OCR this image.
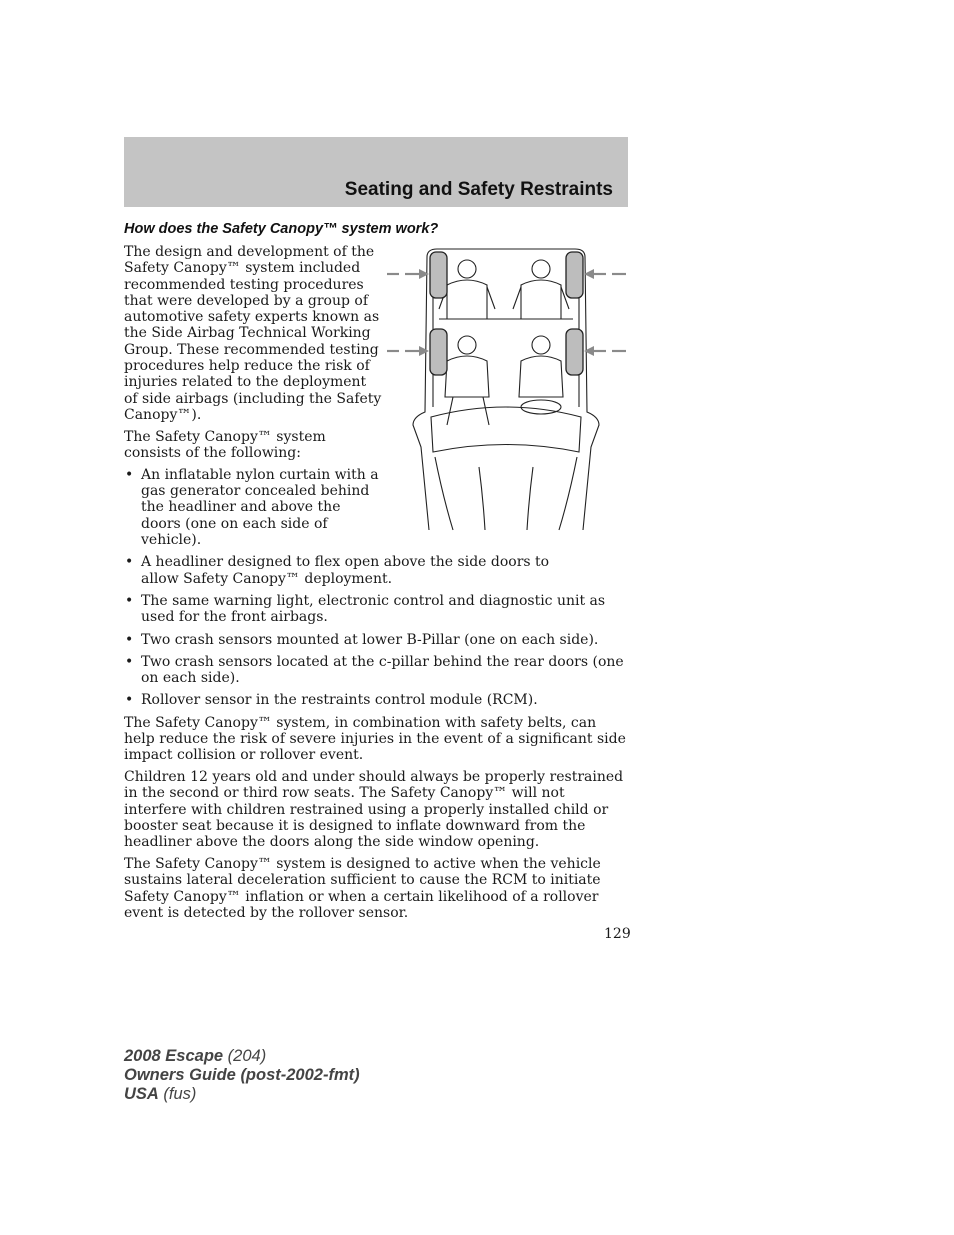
Seating and Safety Restraints
How does the Safety Canopy™ system work?

The design and development of the Safety Canopy™ system included recommended testing procedures that were developed by a group of automotive safety experts known as the Side Airbag Technical Working Group. These recommended testing procedures help reduce the risk of injuries related to the deployment of side airbags (including the Safety Canopy™).

The Safety Canopy™ system consists of the following:

• An inflatable nylon curtain with a gas generator concealed behind the headliner and above the doors (one on each side of vehicle).
• A headliner designed to flex open above the side doors to allow Safety Canopy™ deployment.
• The same warning light, electronic control and diagnostic unit as used for the front airbags.
• Two crash sensors mounted at lower B-Pillar (one on each side).
• Two crash sensors located at the c-pillar behind the rear doors (one on each side).
• Rollover sensor in the restraints control module (RCM).

The Safety Canopy™ system, in combination with safety belts, can help reduce the risk of severe injuries in the event of a significant side impact collision or rollover event.

Children 12 years old and under should always be properly restrained in the second or third row seats. The Safety Canopy™ will not interfere with children restrained using a properly installed child or booster seat because it is designed to inflate downward from the headliner above the doors along the side window opening.

The Safety Canopy™ system is designed to active when the vehicle sustains lateral deceleration sufficient to cause the RCM to initiate Safety Canopy™ inflation or when a certain likelihood of a rollover event is detected by the rollover sensor.

129
2008 Escape (204)
Owners Guide (post-2002-fmt)
USA (fus)
